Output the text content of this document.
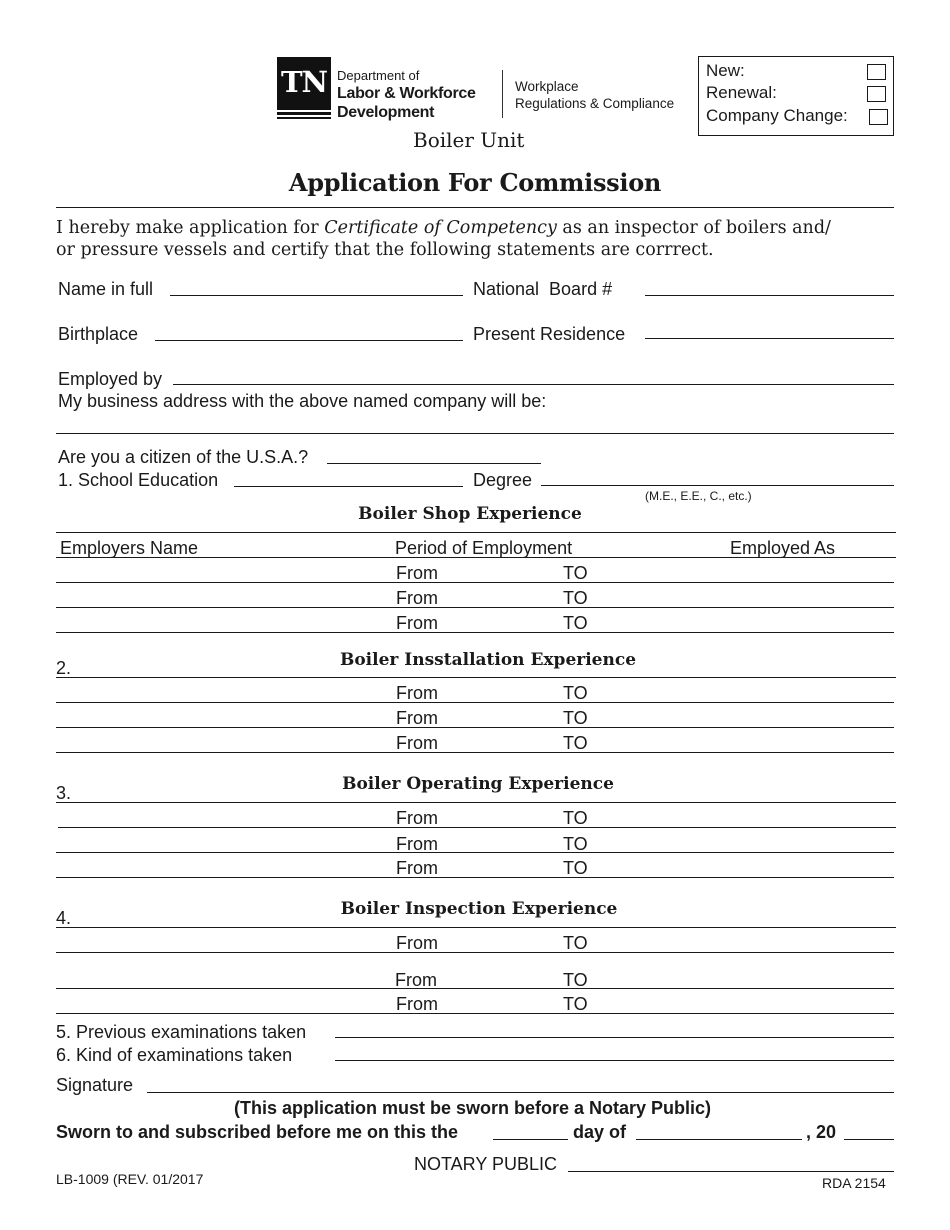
TN Department of
Labor & Workforce
Development
Workplace
Regulations & Compliance
Boiler Unit
New:
Renewal:
Company Change:
Application For Commission
I hereby make application for Certificate of Competency as an inspector of boilers and/
or pressure vessels and certify that the following statements are corrrect.
Name in full	National  Board #
Birthplace	Present Residence
Employed by
My business address with the above named company will be:
Are you a citizen of the U.S.A.?
1. School Education	Degree
(M.E., E.E., C., etc.)
Boiler Shop Experience
Employers Name	Period of Employment	Employed As
From	TO
From	TO
From	TO
2.	Boiler Insstallation Experience
From	TO
From	TO
From	TO
3.	Boiler Operating Experience
From	TO
From	TO
From	TO
4.	Boiler Inspection Experience
From	TO
From	TO
From	TO
5. Previous examinations taken
6. Kind of examinations taken
Signature
(This application must be sworn before a Notary Public)
Sworn to and subscribed before me on this the	day of	, 20
NOTARY PUBLIC
LB-1009 (REV. 01/2017	RDA 2154
